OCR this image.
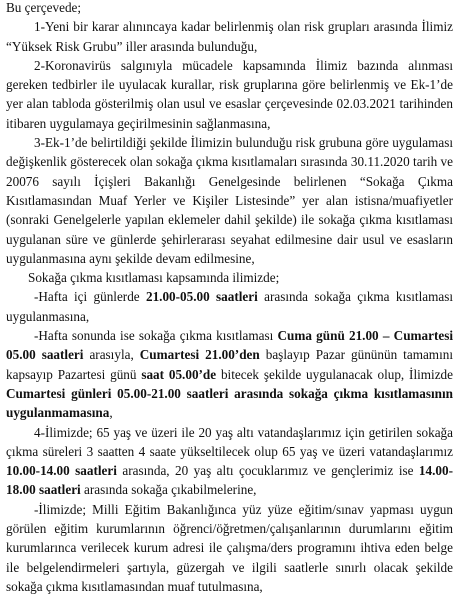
Bu çerçevede;

1-Yeni bir karar alınıncaya kadar belirlenmiş olan risk grupları arasında İlimiz “Yüksek Risk Grubu” iller arasında bulunduğu,

2-Koronavirüs salgınıyla mücadele kapsamında İlimiz bazında alınması gereken tedbirler ile uyulacak kurallar, risk gruplarına göre belirlenmiş ve Ek-1’de yer alan tabloda gösterilmiş olan usul ve esaslar çerçevesinde 02.03.2021 tarihinden itibaren uygulamaya geçirilmesinin sağlanmasına,

3-Ek-1’de belirtildiği şekilde İlimizin bulunduğu risk grubuna göre uygulaması değişkenlik gösterecek olan sokağa çıkma kısıtlamaları sırasında 30.11.2020 tarih ve 20076 sayılı İçişleri Bakanlığı Genelgesinde belirlenen “Sokağa Çıkma Kısıtlamasından Muaf Yerler ve Kişiler Listesinde” yer alan istisna/muafiyetler (sonraki Genelgelerle yapılan eklemeler dahil şekilde) ile sokağa çıkma kısıtlaması uygulanan süre ve günlerde şehirlerarası seyahat edilmesine dair usul ve esasların uygulanmasına aynı şekilde devam edilmesine,

Sokağa çıkma kısıtlaması kapsamında ilimizde;

-Hafta içi günlerde 21.00-05.00 saatleri arasında sokağa çıkma kısıtlaması uygulanmasına,

-Hafta sonunda ise sokağa çıkma kısıtlaması Cuma günü 21.00 – Cumartesi 05.00 saatleri arasıyla, Cumartesi 21.00’den başlayıp Pazar gününün tamamını kapsayıp Pazartesi günü saat 05.00’de bitecek şekilde uygulanacak olup, İlimizde Cumartesi günleri 05.00-21.00 saatleri arasında sokağa çıkma kısıtlamasının uygulanmamasına,

4-İlimizde; 65 yaş ve üzeri ile 20 yaş altı vatandaşlarımız için getirilen sokağa çıkma süreleri 3 saatten 4 saate yükseltilecek olup 65 yaş ve üzeri vatandaşlarımız 10.00-14.00 saatleri arasında, 20 yaş altı çocuklarımız ve gençlerimiz ise 14.00-18.00 saatleri arasında sokağa çıkabilmelerine,

-İlimizde; Milli Eğitim Bakanlığınca yüz yüze eğitim/sınav yapması uygun görülen eğitim kurumlarının öğrenci/öğretmen/çalışanlarının durumlarını eğitim kurumlarınca verilecek kurum adresi ile çalışma/ders programını ihtiva eden belge ile belgelendirmeleri şartıyla, güzergah ve ilgili saatlerle sınırlı olacak şekilde sokağa çıkma kısıtlamasından muaf tutulmasına,
